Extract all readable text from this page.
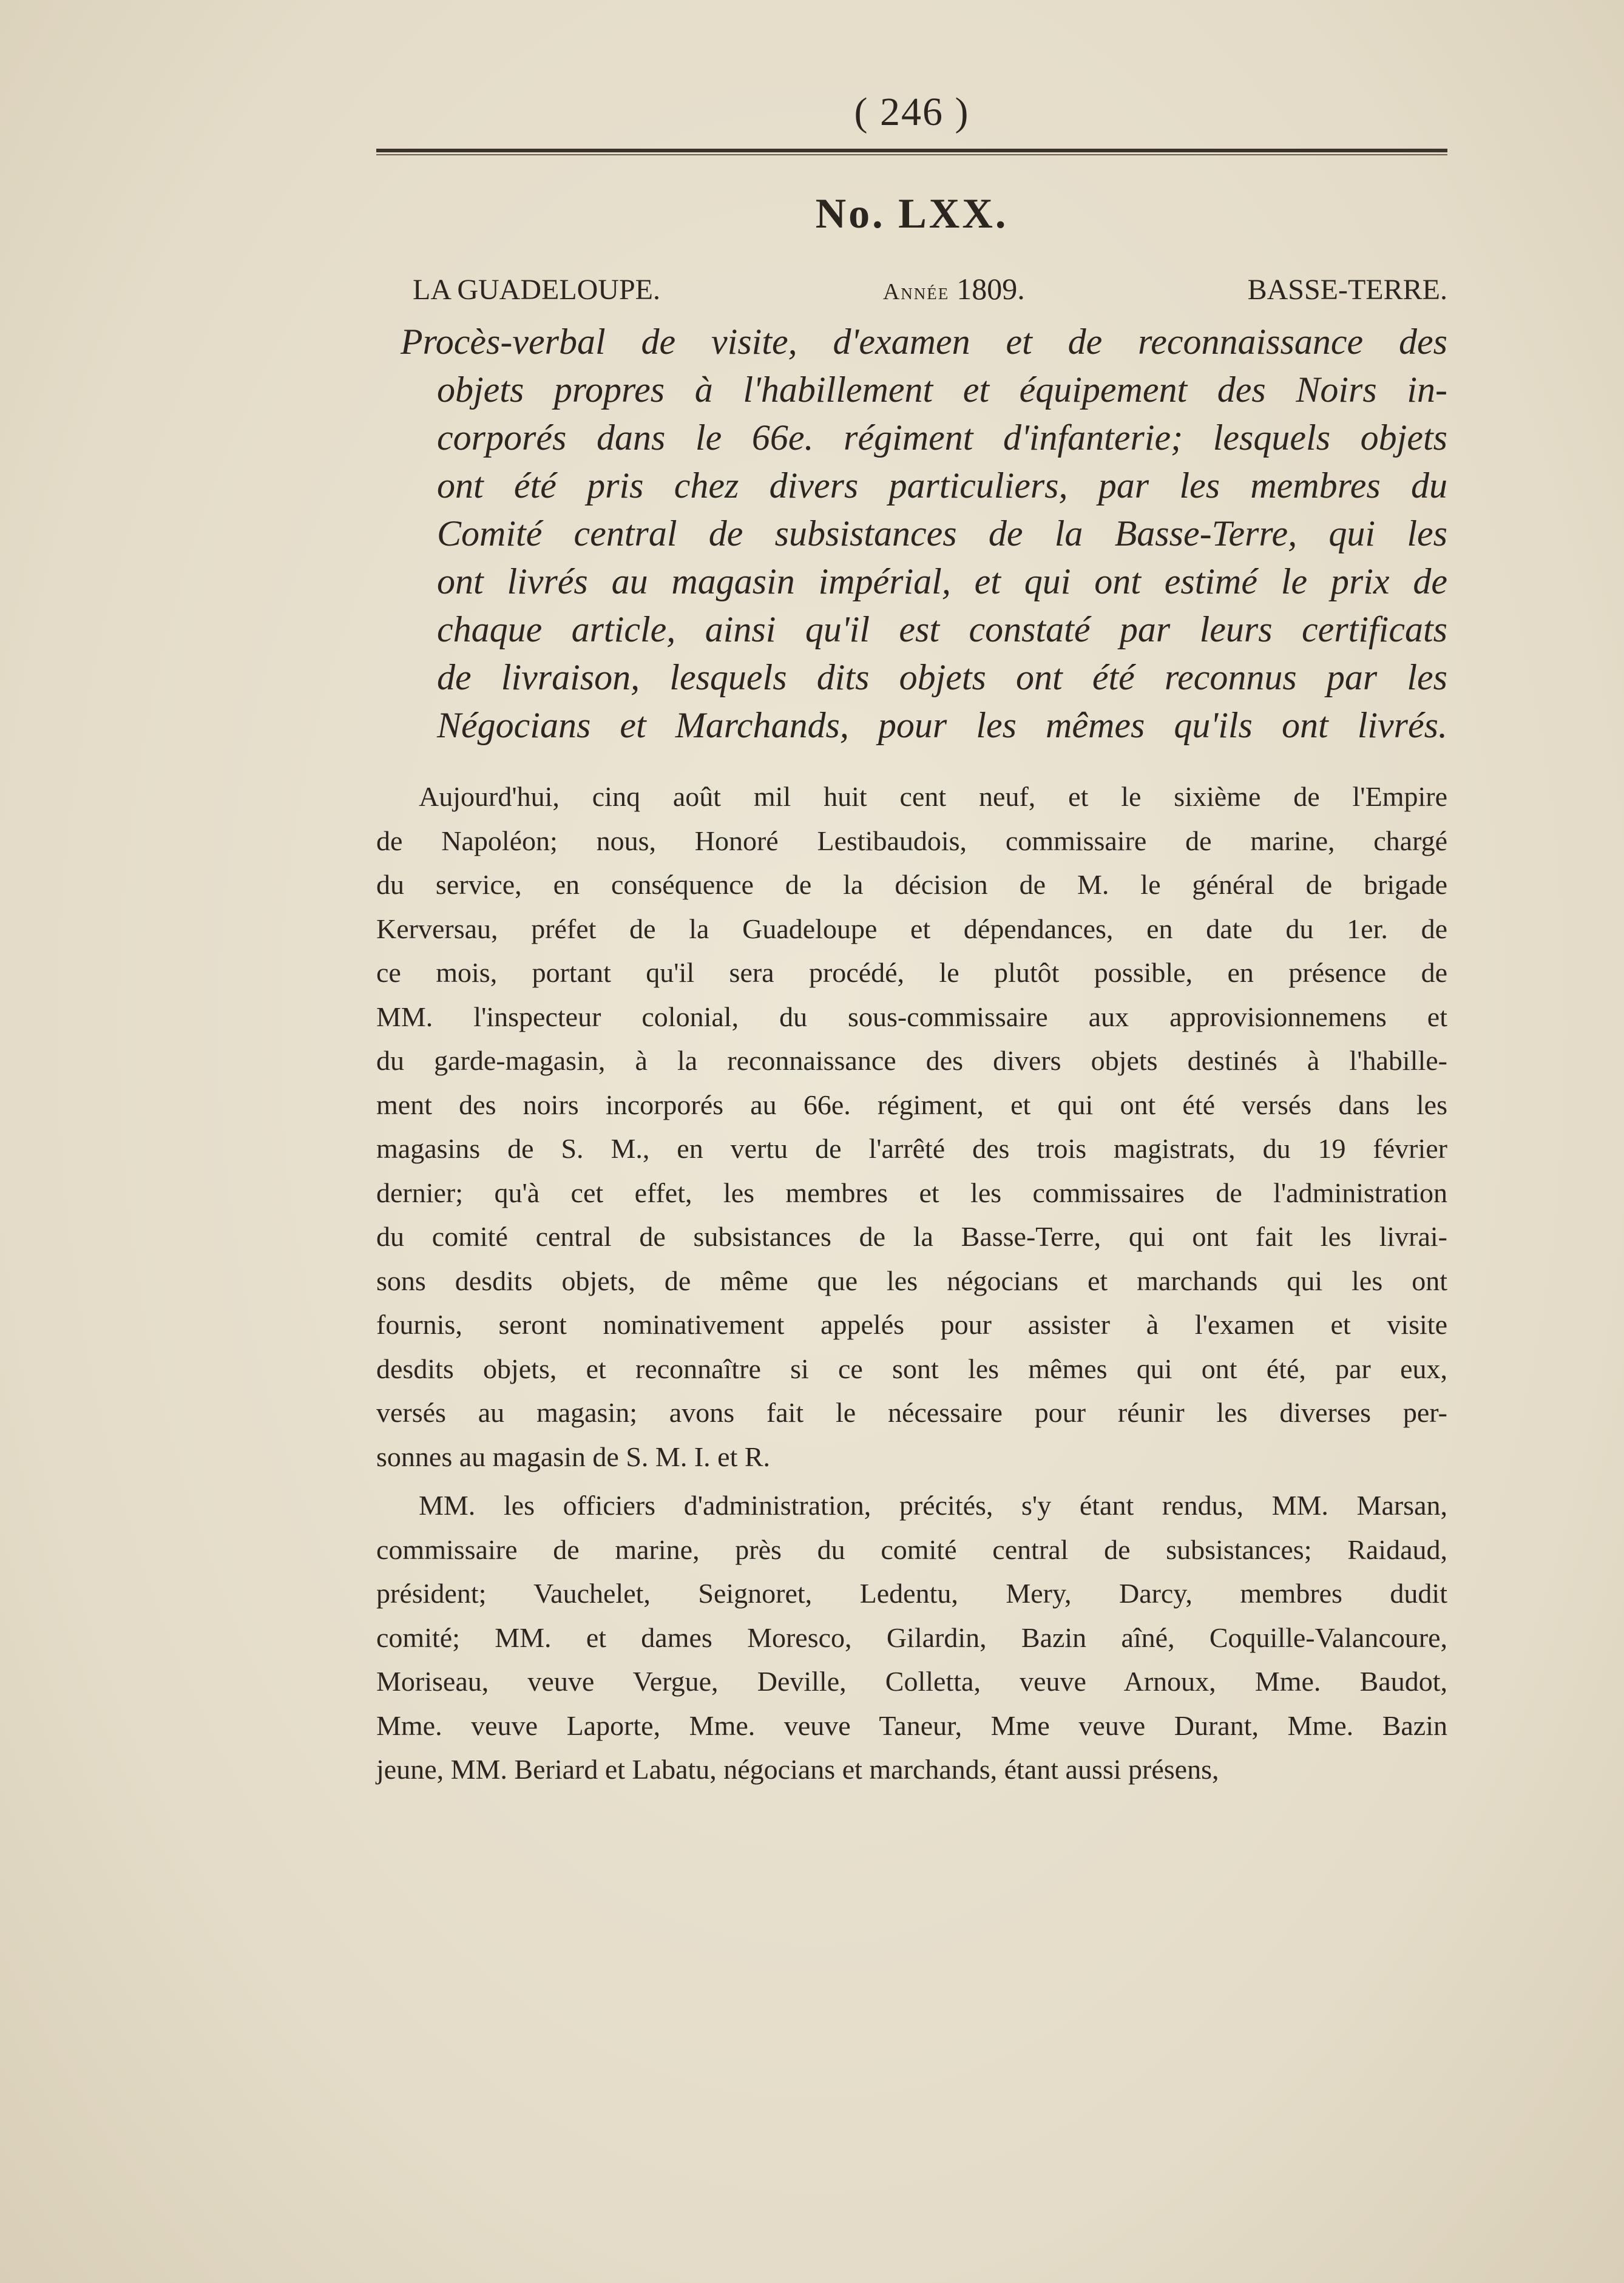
( 246 )

No. LXX.

LA GUADELOUPE.	Année 1809.	BASSE-TERRE.
Procès-verbal de visite, d'examen et de reconnaissance des
objets propres à l'habillement et équipement des Noirs in-
corporés dans le 66e. régiment d'infanterie; lesquels objets
ont été pris chez divers particuliers, par les membres du
Comité central de subsistances de la Basse-Terre, qui les
ont livrés au magasin impérial, et qui ont estimé le prix de
chaque article, ainsi qu'il est constaté par leurs certificats
de livraison, lesquels dits objets ont été reconnus par les
Négocians et Marchands, pour les mêmes qu'ils ont livrés.
Aujourd'hui, cinq août mil huit cent neuf, et le sixième de l'Empire
de Napoléon; nous, Honoré Lestibaudois, commissaire de marine, chargé
du service, en conséquence de la décision de M. le général de brigade
Kerversau, préfet de la Guadeloupe et dépendances, en date du 1er. de
ce mois, portant qu'il sera procédé, le plutôt possible, en présence de
MM. l'inspecteur colonial, du sous-commissaire aux approvisionnemens et
du garde-magasin, à la reconnaissance des divers objets destinés à l'habille-
ment des noirs incorporés au 66e. régiment, et qui ont été versés dans les
magasins de S. M., en vertu de l'arrêté des trois magistrats, du 19 février
dernier; qu'à cet effet, les membres et les commissaires de l'administration
du comité central de subsistances de la Basse-Terre, qui ont fait les livrai-
sons desdits objets, de même que les négocians et marchands qui les ont
fournis, seront nominativement appelés pour assister à l'examen et visite
desdits objets, et reconnaître si ce sont les mêmes qui ont été, par eux,
versés au magasin; avons fait le nécessaire pour réunir les diverses per-
sonnes au magasin de S. M. I. et R.
MM. les officiers d'administration, précités, s'y étant rendus, MM. Marsan,
commissaire de marine, près du comité central de subsistances; Raidaud,
président; Vauchelet, Seignoret, Ledentu, Mery, Darcy, membres dudit
comité; MM. et dames Moresco, Gilardin, Bazin aîné, Coquille-Valancoure,
Moriseau, veuve Vergue, Deville, Colletta, veuve Arnoux, Mme. Baudot,
Mme. veuve Laporte, Mme. veuve Taneur, Mme veuve Durant, Mme. Bazin
jeune, MM. Beriard et Labatu, négocians et marchands, étant aussi présens,
